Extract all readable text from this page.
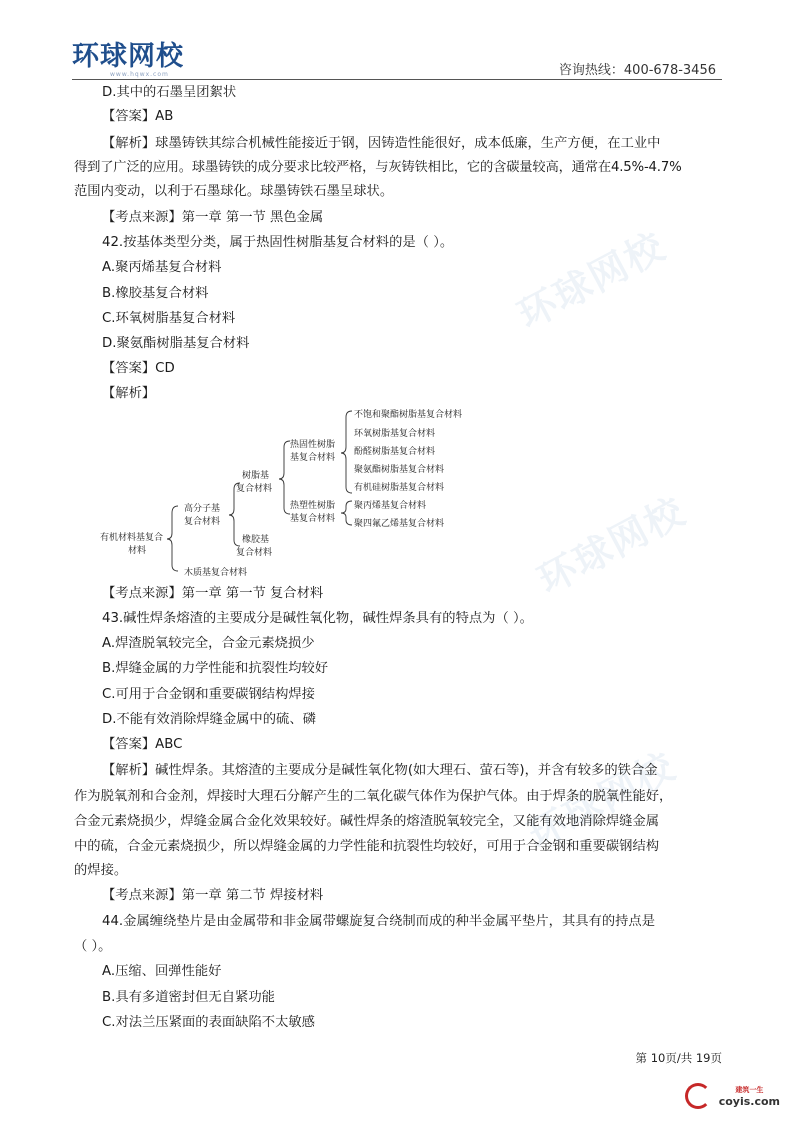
环球网校
www.hqwx.com	咨询热线：400-678-3456
环球网校
环球网校
环球网校
D.其中的石墨呈团絮状
【答案】AB
【解析】球墨铸铁其综合机械性能接近于钢，因铸造性能很好，成本低廉，生产方便，在工业中
得到了广泛的应用。球墨铸铁的成分要求比较严格，与灰铸铁相比，它的含碳量较高，通常在4.5%-4.7%
范围内变动，以利于石墨球化。球墨铸铁石墨呈球状。
【考点来源】第一章 第一节 黑色金属
42.按基体类型分类，属于热固性树脂基复合材料的是（ ）。
A.聚丙烯基复合材料
B.橡胶基复合材料
C.环氧树脂基复合材料
D.聚氨酯树脂基复合材料
【答案】CD
【解析】
【考点来源】第一章 第一节 复合材料
43.碱性焊条熔渣的主要成分是碱性氧化物，碱性焊条具有的特点为（ ）。
A.焊渣脱氧较完全，合金元素烧损少
B.焊缝金属的力学性能和抗裂性均较好
C.可用于合金钢和重要碳钢结构焊接
D.不能有效消除焊缝金属中的硫、磷
【答案】ABC
【解析】碱性焊条。其熔渣的主要成分是碱性氧化物(如大理石、萤石等)，并含有较多的铁合金
作为脱氧剂和合金剂，焊接时大理石分解产生的二氧化碳气体作为保护气体。由于焊条的脱氧性能好，
合金元素烧损少，焊缝金属合金化效果较好。碱性焊条的熔渣脱氧较完全，又能有效地消除焊缝金属
中的硫，合金元素烧损少，所以焊缝金属的力学性能和抗裂性均较好，可用于合金钢和重要碳钢结构
的焊接。
【考点来源】第一章 第二节 焊接材料
44.金属缠绕垫片是由金属带和非金属带螺旋复合绕制而成的种半金属平垫片，其具有的持点是
（ ）。
A.压缩、回弹性能好
B.具有多道密封但无自紧功能
C.对法兰压紧面的表面缺陷不太敏感
有机材料基复合
材料
高分子基
复合材料
木质基复合材料
树脂基
复合材料
橡胶基
复合材料
热固性树脂
基复合材料
热塑性树脂
基复合材料
不饱和聚酯树脂基复合材料
环氧树脂基复合材料
酚醛树脂基复合材料
聚氨酯树脂基复合材料
有机硅树脂基复合材料
聚丙烯基复合材料
聚四氟乙烯基复合材料
第 10页/共 19页

建筑一生
coyis.com
